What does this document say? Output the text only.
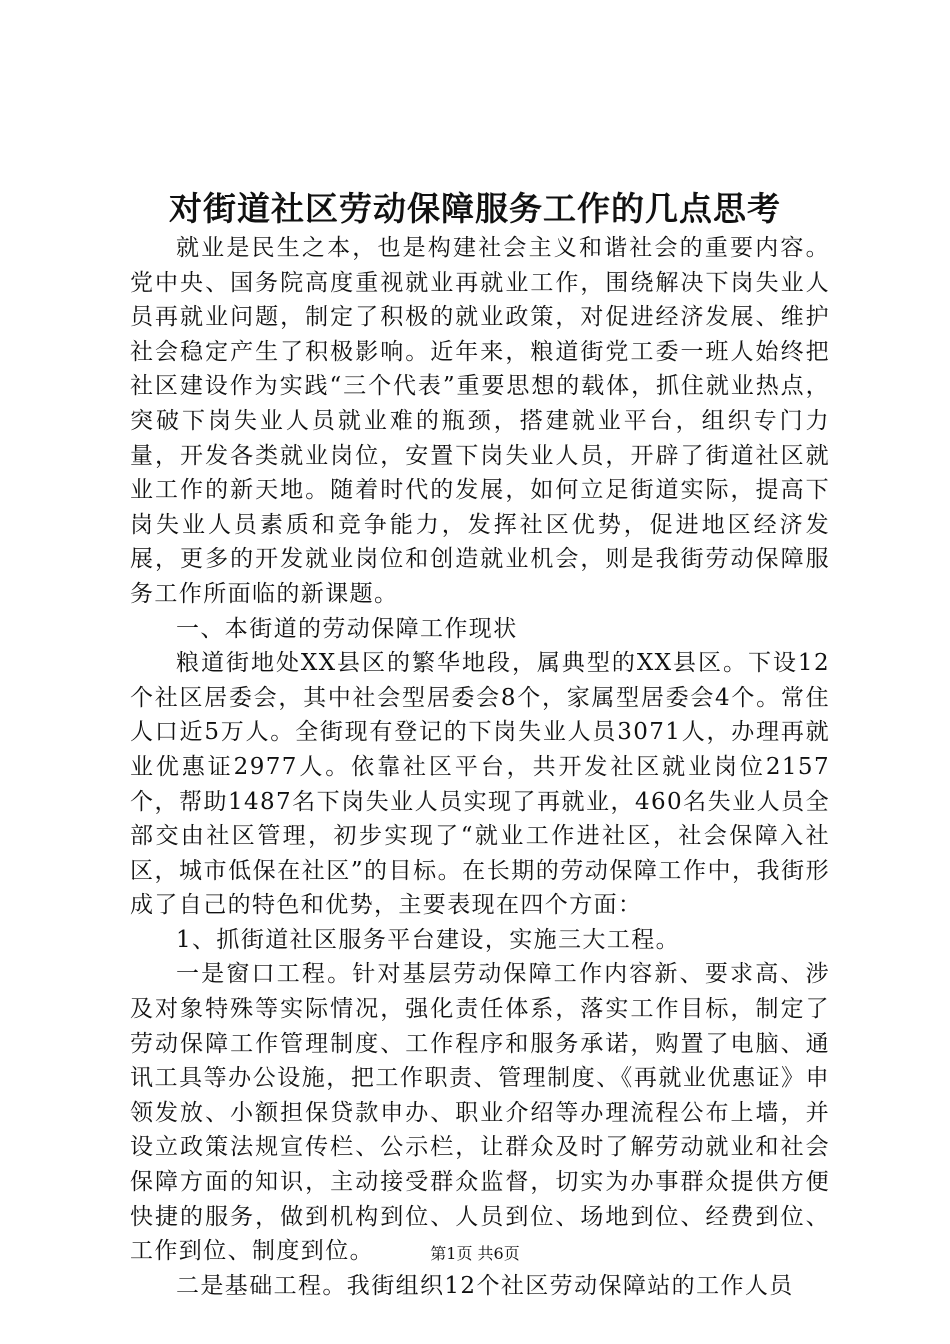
对街道社区劳动保障服务工作的几点思考

就业是民生之本，也是构建社会主义和谐社会的重要内容。党中央、国务院高度重视就业再就业工作，围绕解决下岗失业人员再就业问题，制定了积极的就业政策，对促进经济发展、维护社会稳定产生了积极影响。近年来，粮道街党工委一班人始终把社区建设作为实践“三个代表”重要思想的载体，抓住就业热点，突破下岗失业人员就业难的瓶颈，搭建就业平台，组织专门力量，开发各类就业岗位，安置下岗失业人员，开辟了街道社区就业工作的新天地。随着时代的发展，如何立足街道实际，提高下岗失业人员素质和竞争能力，发挥社区优势，促进地区经济发展，更多的开发就业岗位和创造就业机会，则是我街劳动保障服务工作所面临的新课题。

一、本街道的劳动保障工作现状

粮道街地处XX县区的繁华地段，属典型的XX县区。下设12个社区居委会，其中社会型居委会8个，家属型居委会4个。常住人口近5万人。全街现有登记的下岗失业人员3071人，办理再就业优惠证2977人。依靠社区平台，共开发社区就业岗位2157个，帮助1487名下岗失业人员实现了再就业，460名失业人员全部交由社区管理，初步实现了“就业工作进社区，社会保障入社区，城市低保在社区”的目标。在长期的劳动保障工作中，我街形成了自己的特色和优势，主要表现在四个方面：

1、抓街道社区服务平台建设，实施三大工程。

一是窗口工程。针对基层劳动保障工作内容新、要求高、涉及对象特殊等实际情况，强化责任体系，落实工作目标，制定了劳动保障工作管理制度、工作程序和服务承诺，购置了电脑、通讯工具等办公设施，把工作职责、管理制度、《再就业优惠证》申领发放、小额担保贷款申办、职业介绍等办理流程公布上墙，并设立政策法规宣传栏、公示栏，让群众及时了解劳动就业和社会保障方面的知识，主动接受群众监督，切实为办事群众提供方便快捷的服务，做到机构到位、人员到位、场地到位、经费到位、工作到位、制度到位。

二是基础工程。我街组织12个社区劳动保障站的工作人员

第1页 共6页
